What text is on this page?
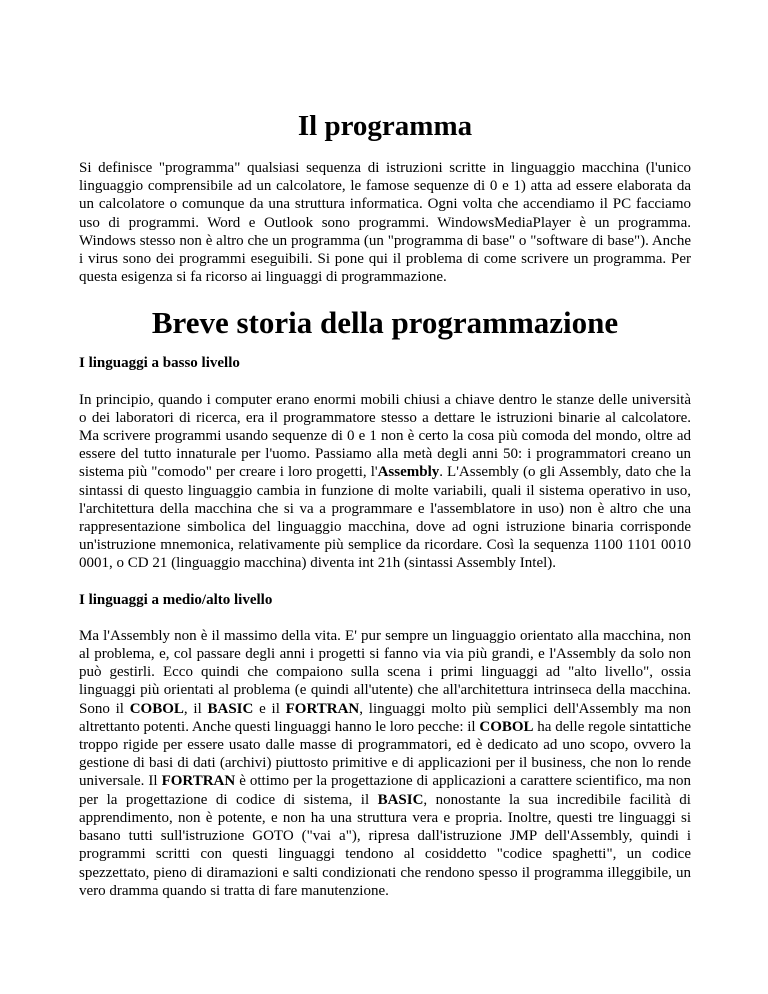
Il programma

Si definisce "programma" qualsiasi sequenza di istruzioni scritte in linguaggio macchina (l'unico linguaggio comprensibile ad un calcolatore, le famose sequenze di 0 e 1) atta ad essere elaborata da un calcolatore o comunque da una struttura informatica. Ogni volta che accendiamo il PC facciamo uso di programmi. Word e Outlook sono programmi. WindowsMediaPlayer è un programma. Windows stesso non è altro che un programma (un "programma di base" o "software di base"). Anche i virus sono dei programmi eseguibili. Si pone qui il problema di come scrivere un programma. Per questa esigenza si fa ricorso ai linguaggi di programmazione.

Breve storia della programmazione

I linguaggi a basso livello

In principio, quando i computer erano enormi mobili chiusi a chiave dentro le stanze delle università o dei laboratori di ricerca, era il programmatore stesso a dettare le istruzioni binarie al calcolatore. Ma scrivere programmi usando sequenze di 0 e 1 non è certo la cosa più comoda del mondo, oltre ad essere del tutto innaturale per l'uomo. Passiamo alla metà degli anni 50: i programmatori creano un sistema più "comodo" per creare i loro progetti, l'Assembly. L'Assembly (o gli Assembly, dato che la sintassi di questo linguaggio cambia in funzione di molte variabili, quali il sistema operativo in uso, l'architettura della macchina che si va a programmare e l'assemblatore in uso) non è altro che una rappresentazione simbolica del linguaggio macchina, dove ad ogni istruzione binaria corrisponde un'istruzione mnemonica, relativamente più semplice da ricordare. Così la sequenza 1100 1101 0010 0001, o CD 21 (linguaggio macchina) diventa int 21h (sintassi Assembly Intel).

I linguaggi a medio/alto livello

Ma l'Assembly non è il massimo della vita. E' pur sempre un linguaggio orientato alla macchina, non al problema, e, col passare degli anni i progetti si fanno via via più grandi, e l'Assembly da solo non può gestirli. Ecco quindi che compaiono sulla scena i primi linguaggi ad "alto livello", ossia linguaggi più orientati al problema (e quindi all'utente) che all'architettura intrinseca della macchina. Sono il COBOL, il BASIC e il FORTRAN, linguaggi molto più semplici dell'Assembly ma non altrettanto potenti. Anche questi linguaggi hanno le loro pecche: il COBOL ha delle regole sintattiche troppo rigide per essere usato dalle masse di programmatori, ed è dedicato ad uno scopo, ovvero la gestione di basi di dati (archivi) piuttosto primitive e di applicazioni per il business, che non lo rende universale. Il FORTRAN è ottimo per la progettazione di applicazioni a carattere scientifico, ma non per la progettazione di codice di sistema, il BASIC, nonostante la sua incredibile facilità di apprendimento, non è potente, e non ha una struttura vera e propria. Inoltre, questi tre linguaggi si basano tutti sull'istruzione GOTO ("vai a"), ripresa dall'istruzione JMP dell'Assembly, quindi i programmi scritti con questi linguaggi tendono al cosiddetto "codice spaghetti", un codice spezzettato, pieno di diramazioni e salti condizionati che rendono spesso il programma illeggibile, un vero dramma quando si tratta di fare manutenzione.
